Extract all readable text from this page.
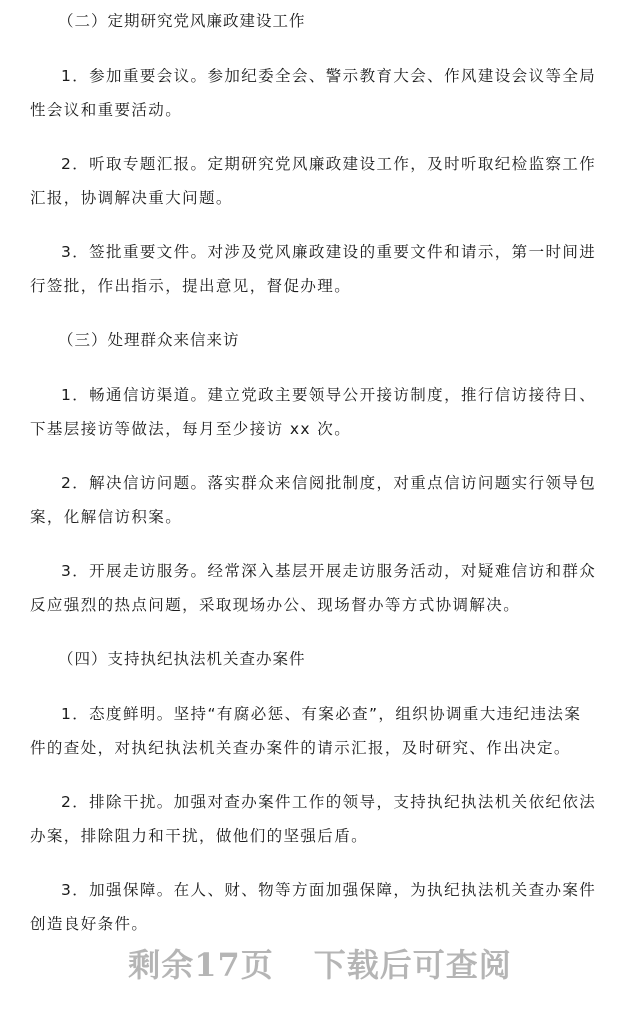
（二）定期研究党风廉政建设工作
1．参加重要会议。参加纪委全会、警示教育大会、作风建设会议等全局
性会议和重要活动。
2．听取专题汇报。定期研究党风廉政建设工作，及时听取纪检监察工作
汇报，协调解决重大问题。
3．签批重要文件。对涉及党风廉政建设的重要文件和请示，第一时间进
行签批，作出指示，提出意见，督促办理。
（三）处理群众来信来访
1．畅通信访渠道。建立党政主要领导公开接访制度，推行信访接待日、
下基层接访等做法，每月至少接访 xx 次。
2．解决信访问题。落实群众来信阅批制度，对重点信访问题实行领导包
案，化解信访积案。
3．开展走访服务。经常深入基层开展走访服务活动，对疑难信访和群众
反应强烈的热点问题，采取现场办公、现场督办等方式协调解决。
（四）支持执纪执法机关查办案件
1．态度鲜明。坚持“有腐必惩、有案必查”，组织协调重大违纪违法案
件的查处，对执纪执法机关查办案件的请示汇报，及时研究、作出决定。
2．排除干扰。加强对查办案件工作的领导，支持执纪执法机关依纪依法
办案，排除阻力和干扰，做他们的坚强后盾。
3．加强保障。在人、财、物等方面加强保障，为执纪执法机关查办案件
创造良好条件。
剩余17页 下载后可查阅
